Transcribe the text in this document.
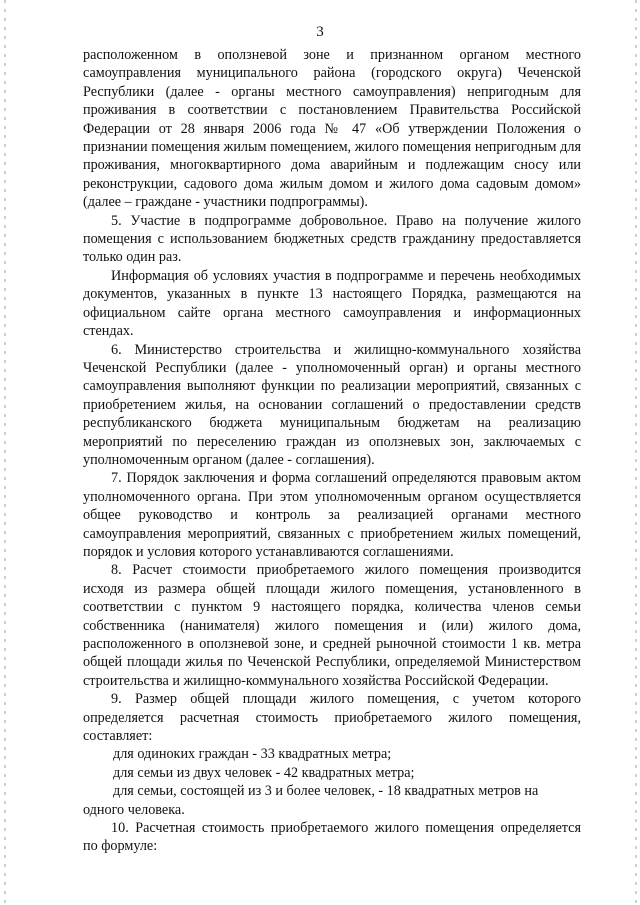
3

расположенном в оползневой зоне и признанном органом местного самоуправления муниципального района (городского округа) Чеченской Республики (далее - органы местного самоуправления) непригодным для проживания в соответствии с постановлением Правительства Российской Федерации от 28 января 2006 года № 47 «Об утверждении Положения о признании помещения жилым помещением, жилого помещения непригодным для проживания, многоквартирного дома аварийным и подлежащим сносу или реконструкции, садового дома жилым домом и жилого дома садовым домом» (далее – граждане - участники подпрограммы).

5. Участие в подпрограмме добровольное. Право на получение жилого помещения с использованием бюджетных средств гражданину предоставляется только один раз.

Информация об условиях участия в подпрограмме и перечень необходимых документов, указанных в пункте 13 настоящего Порядка, размещаются на официальном сайте органа местного самоуправления и информационных стендах.

6. Министерство строительства и жилищно-коммунального хозяйства Чеченской Республики (далее - уполномоченный орган) и органы местного самоуправления выполняют функции по реализации мероприятий, связанных с приобретением жилья, на основании соглашений о предоставлении средств республиканского бюджета муниципальным бюджетам на реализацию мероприятий по переселению граждан из оползневых зон, заключаемых с уполномоченным органом (далее - соглашения).

7. Порядок заключения и форма соглашений определяются правовым актом уполномоченного органа. При этом уполномоченным органом осуществляется общее руководство и контроль за реализацией органами местного самоуправления мероприятий, связанных с приобретением жилых помещений, порядок и условия которого устанавливаются соглашениями.

8. Расчет стоимости приобретаемого жилого помещения производится исходя из размера общей площади жилого помещения, установленного в соответствии с пунктом 9 настоящего порядка, количества членов семьи собственника (нанимателя) жилого помещения и (или) жилого дома, расположенного в оползневой зоне, и средней рыночной стоимости 1 кв. метра общей площади жилья по Чеченской Республики, определяемой Министерством строительства и жилищно-коммунального хозяйства Российской Федерации.

9. Размер общей площади жилого помещения, с учетом которого определяется расчетная стоимость приобретаемого жилого помещения, составляет:

для одиноких граждан - 33 квадратных метра;

для семьи из двух человек - 42 квадратных метра;

для семьи, состоящей из 3 и более человек, - 18 квадратных метров на одного человека.

10. Расчетная стоимость приобретаемого жилого помещения определяется по формуле:
